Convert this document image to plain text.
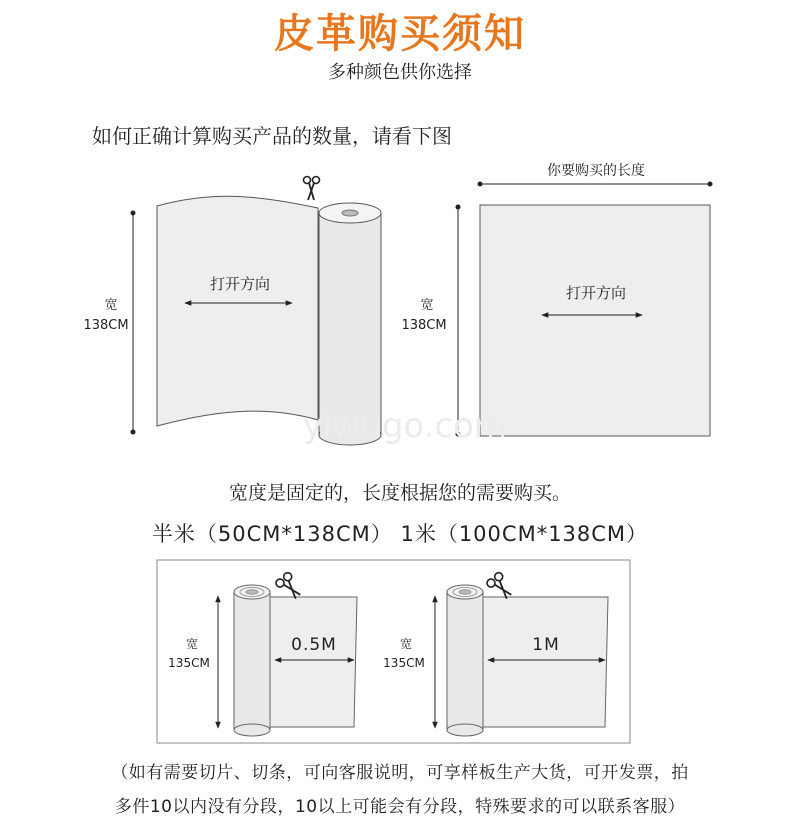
皮革购买须知
多种颜色供你选择
如何正确计算购买产品的数量，请看下图
宽
138CM
打开方向
你要购买的长度
宽
138CM
打开方向
yiwugo.com
宽
135CM
0.5M	宽
135CM
1M
宽度是固定的，长度根据您的需要购买。
半米（50CM*138CM） 1米（100CM*138CM）
（如有需要切片、切条，可向客服说明，可享样板生产大货，可开发票，拍
多件10以内没有分段，10以上可能会有分段，特殊要求的可以联系客服）
